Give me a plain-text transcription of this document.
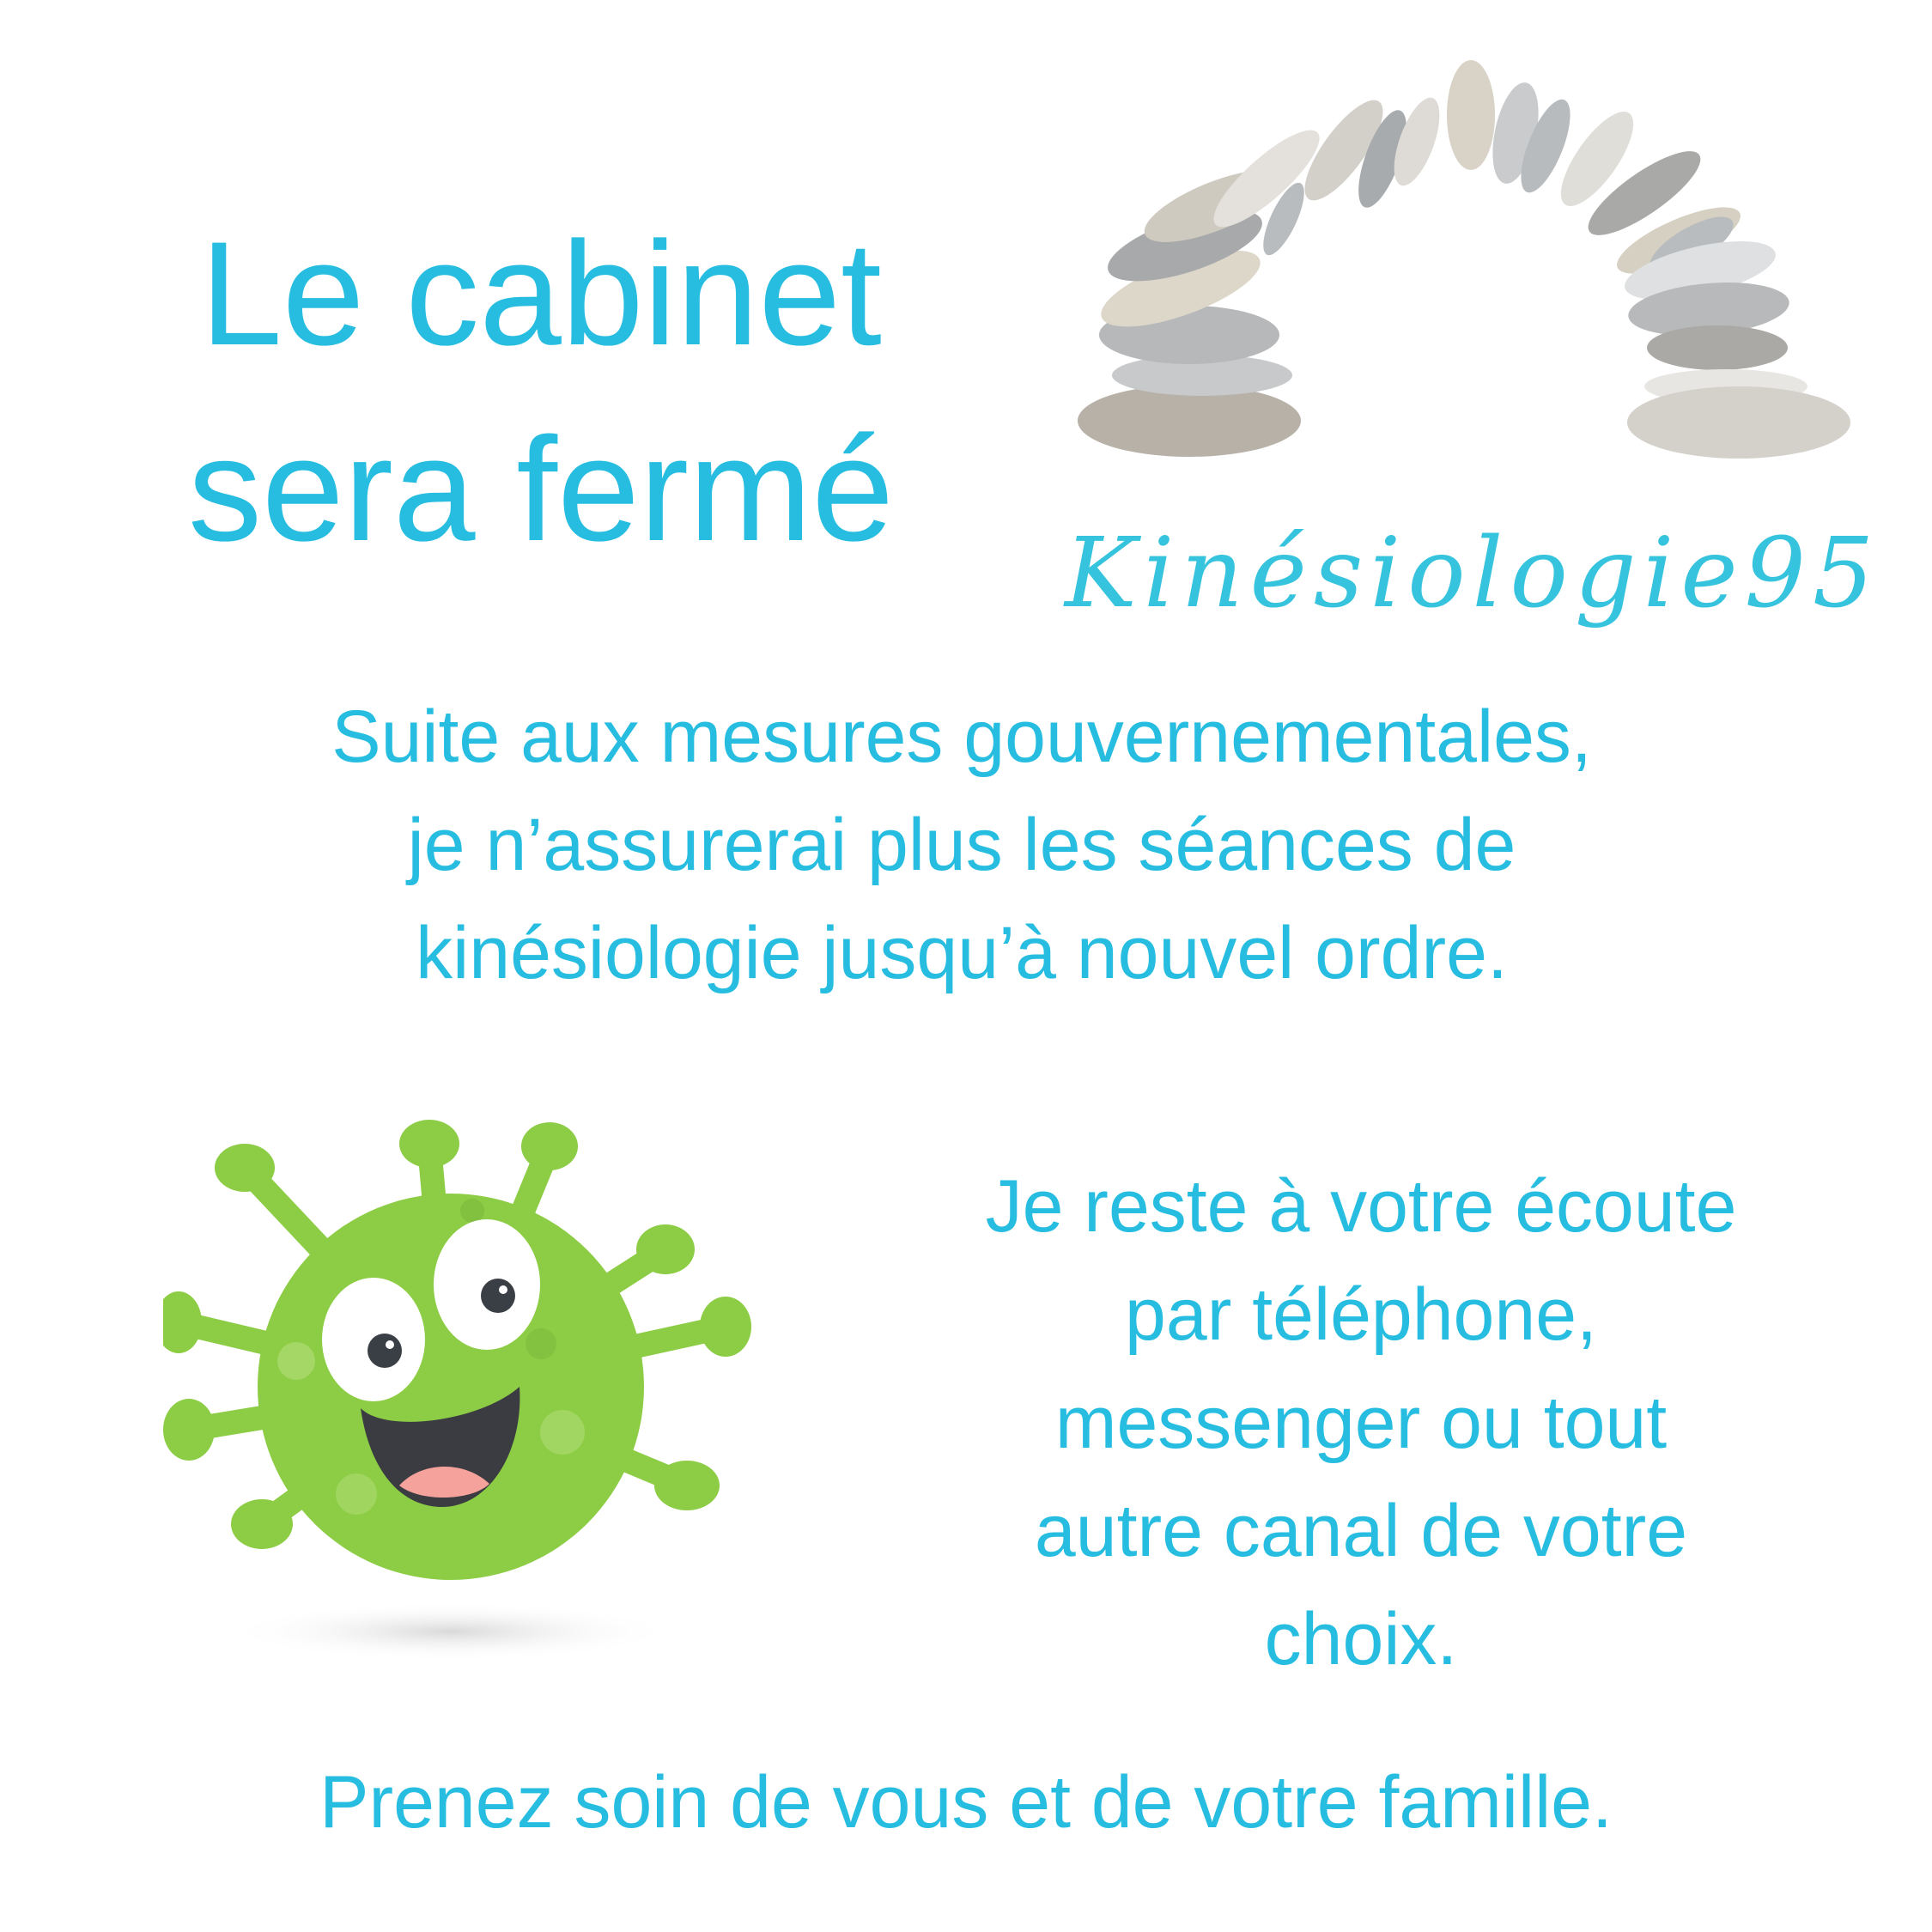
Le cabinet
sera fermé
Kinésiologie95
Suite aux mesures gouvernementales,
je n’assurerai plus les séances de
kinésiologie jusqu’à nouvel ordre.
Je reste à votre écoute
par téléphone,
messenger ou tout
autre canal de votre
choix.

Prenez soin de vous et de votre famille.
